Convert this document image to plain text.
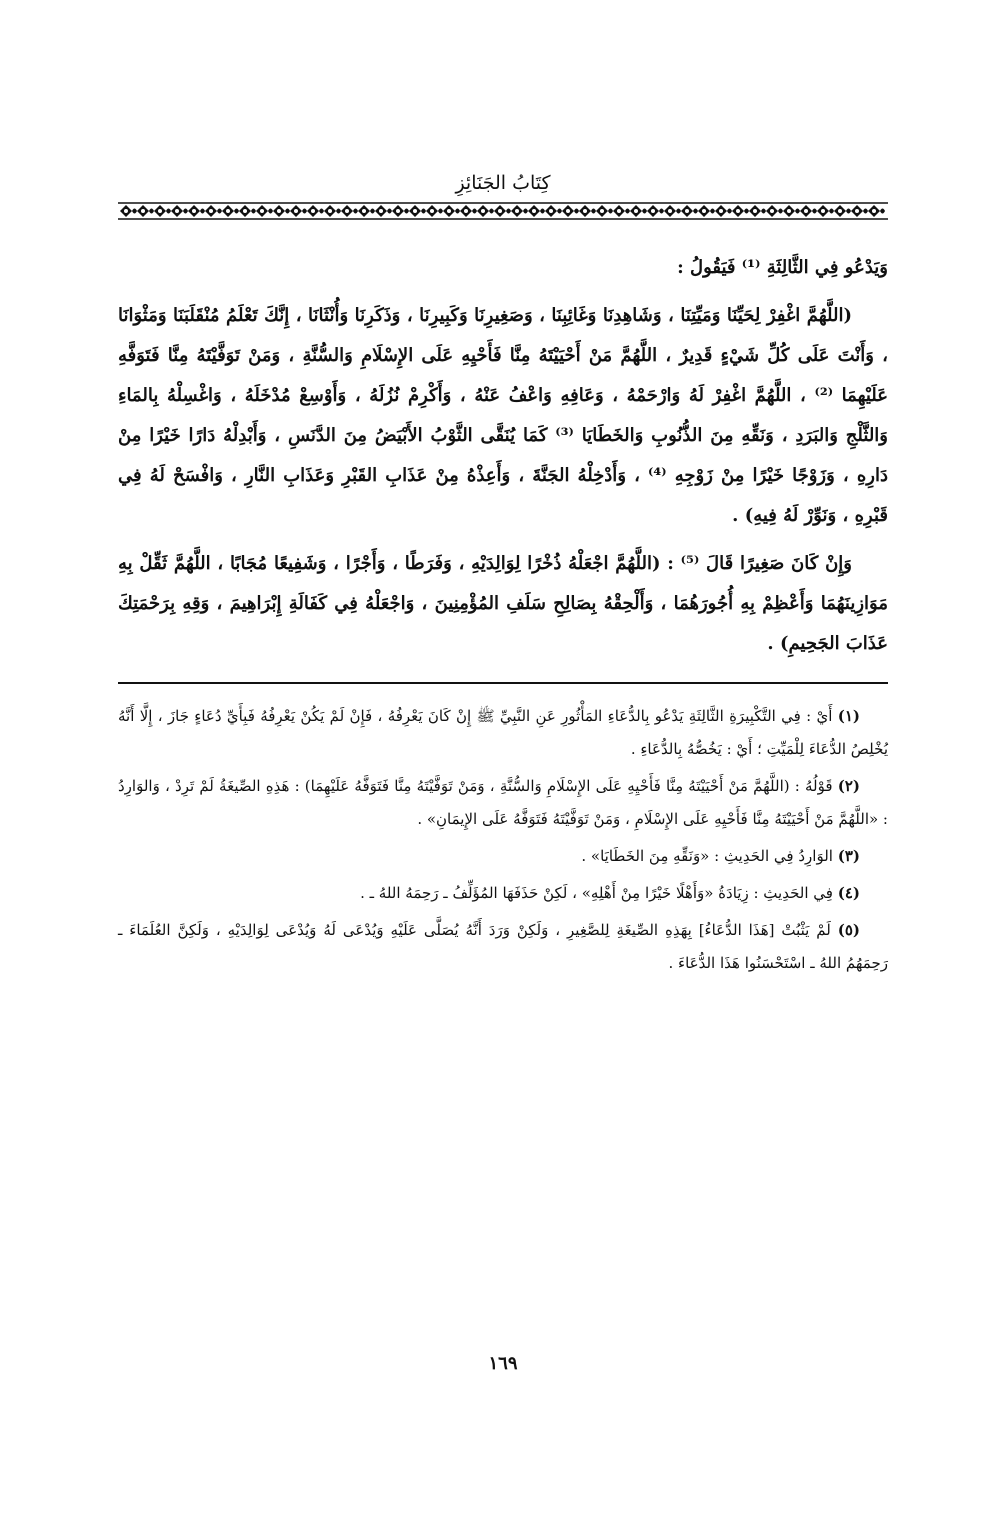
كِتَابُ الجَنَائِزِ

وَيَدْعُو فِي الثَّالِثَةِ ⁽¹⁾ فَيَقُولُ :

(اللَّهُمَّ اغْفِرْ لِحَيِّنَا وَمَيِّتِنَا ، وَشَاهِدِنَا وَغَائِبِنَا ، وَصَغِيرِنَا وَكَبِيرِنَا ، وَذَكَرِنَا وَأُنْثَانَا ، إِنَّكَ تَعْلَمُ مُنْقَلَبَنَا وَمَثْوَانَا ، وَأَنْتَ عَلَى كُلِّ شَيْءٍ قَدِيرٌ ، اللَّهُمَّ مَنْ أَحْيَيْتَهُ مِنَّا فَأَحْيِهِ عَلَى الإِسْلَامِ وَالسُّنَّةِ ، وَمَنْ تَوَفَّيْتَهُ مِنَّا فَتَوَفَّهِ عَلَيْهِمَا ⁽²⁾ ، اللَّهُمَّ اغْفِرْ لَهُ وَارْحَمْهُ ، وَعَافِهِ وَاعْفُ عَنْهُ ، وَأَكْرِمْ نُزُلَهُ ، وَأَوْسِعْ مُدْخَلَهُ ، وَاغْسِلْهُ بِالمَاءِ وَالثَّلْجِ وَالبَرَدِ ، وَنَقِّهِ مِنَ الذُّنُوبِ وَالخَطَايَا ⁽³⁾ كَمَا يُنَقَّى الثَّوْبُ الأَبْيَضُ مِنَ الدَّنَسِ ، وَأَبْدِلْهُ دَارًا خَيْرًا مِنْ دَارِهِ ، وَزَوْجًا خَيْرًا مِنْ زَوْجِهِ ⁽⁴⁾ ، وَأَدْخِلْهُ الجَنَّةَ ، وَأَعِذْهُ مِنْ عَذَابِ القَبْرِ وَعَذَابِ النَّارِ ، وَافْسَحْ لَهُ فِي قَبْرِهِ ، وَنَوِّرْ لَهُ فِيهِ) .

وَإِنْ كَانَ صَغِيرًا قَالَ ⁽⁵⁾ : (اللَّهُمَّ اجْعَلْهُ ذُخْرًا لِوَالِدَيْهِ ، وَفَرَطًا ، وَأَجْرًا ، وَشَفِيعًا مُجَابًا ، اللَّهُمَّ ثَقِّلْ بِهِ مَوَازِينَهُمَا وَأَعْظِمْ بِهِ أُجُورَهُمَا ، وَأَلْحِقْهُ بِصَالِحِ سَلَفِ المُؤْمِنِينَ ، وَاجْعَلْهُ فِي كَفَالَةِ إِبْرَاهِيمَ ، وَقِهِ بِرَحْمَتِكَ عَذَابَ الجَحِيمِ) .

(١) أَيْ : فِي التَّكْبِيرَةِ الثَّالِثَةِ يَدْعُو بِالدُّعَاءِ المَأْثُورِ عَنِ النَّبِيِّ ﷺ إِنْ كَانَ يَعْرِفُهُ ، فَإِنْ لَمْ يَكُنْ يَعْرِفُهُ فَبِأَيِّ دُعَاءٍ جَازَ ، إِلَّا أَنَّهُ يُخْلِصُ الدُّعَاءَ لِلْمَيِّتِ ؛ أَيْ : يَخُصُّهُ بِالدُّعَاءِ .

(٢) قَوْلُهُ : (اللَّهُمَّ مَنْ أَحْيَيْتَهُ مِنَّا فَأَحْيِهِ عَلَى الإِسْلَامِ وَالسُّنَّةِ ، وَمَنْ تَوَفَّيْتَهُ مِنَّا فَتَوَفَّهُ عَلَيْهِمَا) : هَذِهِ الصِّيغَةُ لَمْ تَرِدْ ، وَالوَارِدُ : «اللَّهُمَّ مَنْ أَحْيَيْتَهُ مِنَّا فَأَحْيِهِ عَلَى الإِسْلَامِ ، وَمَنْ تَوَفَّيْتَهُ فَتَوَفَّهُ عَلَى الإِيمَانِ» .

(٣) الوَارِدُ فِي الحَدِيثِ : «وَنَقِّهِ مِنَ الخَطَايَا» .

(٤) فِي الحَدِيثِ : زِيَادَةُ «وَأَهْلًا خَيْرًا مِنْ أَهْلِهِ» ، لَكِنْ حَذَفَهَا المُؤَلِّفُ ـ رَحِمَهُ اللهُ ـ .

(٥) لَمْ يَثْبُتْ [هَذَا الدُّعَاءُ] بِهَذِهِ الصِّيغَةِ لِلصَّغِيرِ ، وَلَكِنْ وَرَدَ أَنَّهُ يُصَلَّى عَلَيْهِ وَيُدْعَى لَهُ وَيُدْعَى لِوَالِدَيْهِ ، وَلَكِنَّ العُلَمَاءَ ـ رَحِمَهُمُ اللهُ ـ اسْتَحْسَنُوا هَذَا الدُّعَاءَ .

١٦٩
